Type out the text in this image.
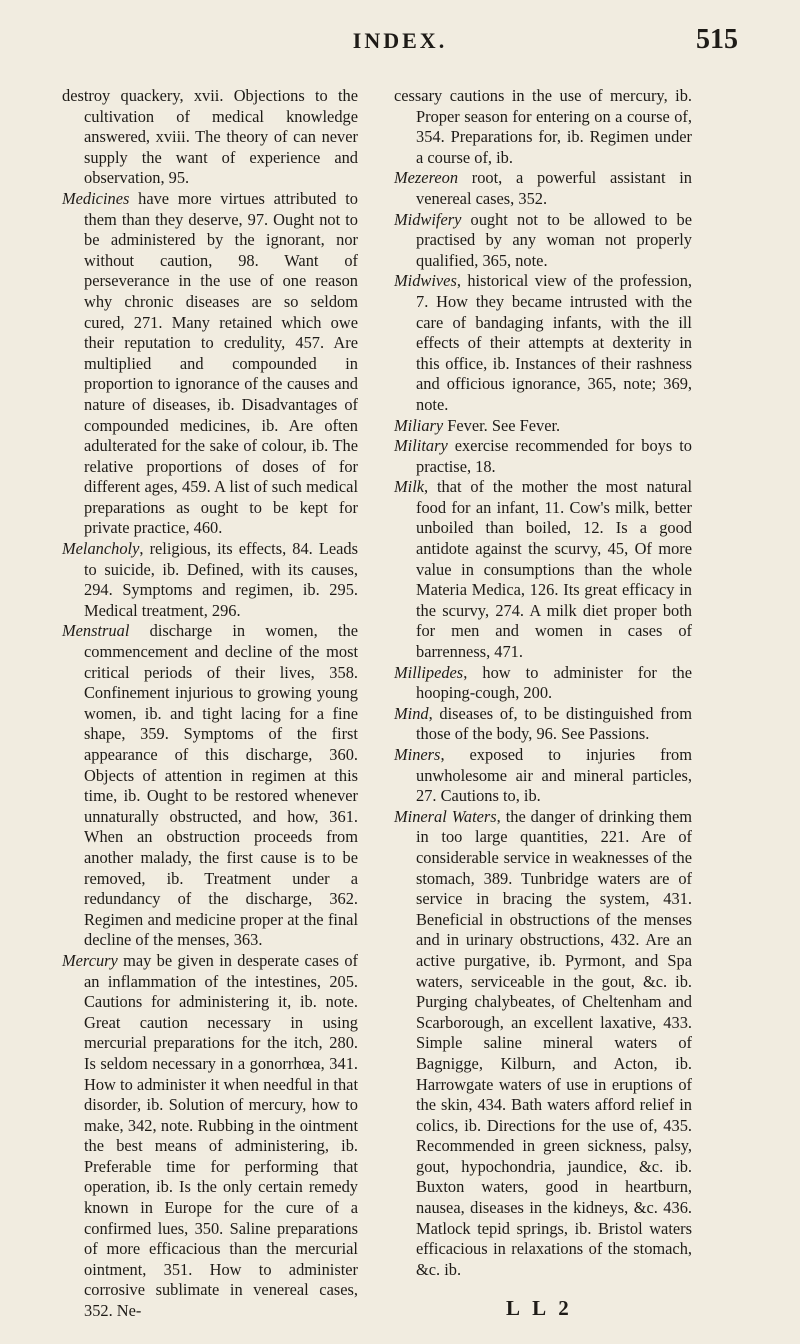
INDEX.	515

destroy quackery, xvii. Objections to the cultivation of medical knowledge answered, xviii. The theory of can never supply the want of experience and observation, 95.

Medicines have more virtues attributed to them than they deserve, 97. Ought not to be administered by the ignorant, nor without caution, 98. Want of perseverance in the use of one reason why chronic diseases are so seldom cured, 271. Many retained which owe their reputation to credulity, 457. Are multiplied and compounded in proportion to ignorance of the causes and nature of diseases, ib. Disadvantages of compounded medicines, ib. Are often adulterated for the sake of colour, ib. The relative proportions of doses of for different ages, 459. A list of such medical preparations as ought to be kept for private practice, 460.

Melancholy, religious, its effects, 84. Leads to suicide, ib. Defined, with its causes, 294. Symptoms and regimen, ib. 295. Medical treatment, 296.

Menstrual discharge in women, the commencement and decline of the most critical periods of their lives, 358. Confinement injurious to growing young women, ib. and tight lacing for a fine shape, 359. Symptoms of the first appearance of this discharge, 360. Objects of attention in regimen at this time, ib. Ought to be restored whenever unnaturally obstructed, and how, 361. When an obstruction proceeds from another malady, the first cause is to be removed, ib. Treatment under a redundancy of the discharge, 362. Regimen and medicine proper at the final decline of the menses, 363.

Mercury may be given in desperate cases of an inflammation of the intestines, 205. Cautions for administering it, ib. note. Great caution necessary in using mercurial preparations for the itch, 280. Is seldom necessary in a gonorrhœa, 341. How to administer it when needful in that disorder, ib. Solution of mercury, how to make, 342, note. Rubbing in the ointment the best means of administering, ib. Preferable time for performing that operation, ib. Is the only certain remedy known in Europe for the cure of a confirmed lues, 350. Saline preparations of more efficacious than the mercurial ointment, 351. How to administer corrosive sublimate in venereal cases, 352. Ne-

cessary cautions in the use of mercury, ib. Proper season for entering on a course of, 354. Preparations for, ib. Regimen under a course of, ib.

Mezereon root, a powerful assistant in venereal cases, 352.

Midwifery ought not to be allowed to be practised by any woman not properly qualified, 365, note.

Midwives, historical view of the profession, 7. How they became intrusted with the care of bandaging infants, with the ill effects of their attempts at dexterity in this office, ib. Instances of their rashness and officious ignorance, 365, note; 369, note.

Miliary Fever. See Fever.

Military exercise recommended for boys to practise, 18.

Milk, that of the mother the most natural food for an infant, 11. Cow's milk, better unboiled than boiled, 12. Is a good antidote against the scurvy, 45, Of more value in consumptions than the whole Materia Medica, 126. Its great efficacy in the scurvy, 274. A milk diet proper both for men and women in cases of barrenness, 471.

Millipedes, how to administer for the hooping-cough, 200.

Mind, diseases of, to be distinguished from those of the body, 96. See Passions.

Miners, exposed to injuries from unwholesome air and mineral particles, 27. Cautions to, ib.

Mineral Waters, the danger of drinking them in too large quantities, 221. Are of considerable service in weaknesses of the stomach, 389. Tunbridge waters are of service in bracing the system, 431. Beneficial in obstructions of the menses and in urinary obstructions, 432. Are an active purgative, ib. Pyrmont, and Spa waters, serviceable in the gout, &c. ib. Purging chalybeates, of Cheltenham and Scarborough, an excellent laxative, 433. Simple saline mineral waters of Bagnigge, Kilburn, and Acton, ib. Harrowgate waters of use in eruptions of the skin, 434. Bath waters afford relief in colics, ib. Directions for the use of, 435. Recommended in green sickness, palsy, gout, hypochondria, jaundice, &c. ib. Buxton waters, good in heartburn, nausea, diseases in the kidneys, &c. 436. Matlock tepid springs, ib. Bristol waters efficacious in relaxations of the stomach, &c. ib.

L L 2
